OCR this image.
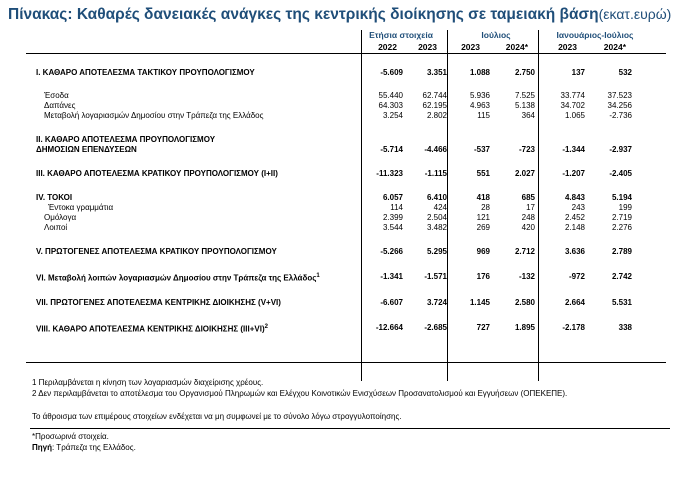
Πίνακας: Καθαρές δανειακές ανάγκες της κεντρικής διοίκησης σε ταμειακή βάση(εκατ.ευρώ)
Ετήσια στοιχεία	Ιούλιος	Ιανουάριος-Ιούλιος
2022	2023	2023	2024*	2023	2024*
I. ΚΑΘΑΡΟ ΑΠΟΤΕΛΕΣΜΑ ΤΑΚΤΙΚΟΥ ΠΡΟΥΠΟΛΟΓΙΣΜΟΥ	-5.609	3.351	1.088	2.750	137	532	

Έσοδα	55.440	62.744	5.936	7.525	33.774	37.523	
Δαπάνες	64.303	62.195	4.963	5.138	34.702	34.256	
Μεταβολή λογαριασμών Δημοσίου στην Τράπεζα της Ελλάδος	3.254	2.802	115	364	1.065	-2.736	

II. ΚΑΘΑΡΟ ΑΠΟΤΕΛΕΣΜΑ ΠΡΟΥΠΟΛΟΓΙΣΜΟΥ							
ΔΗΜΟΣΙΩΝ ΕΠΕΝΔΥΣΕΩΝ	-5.714	-4.466	-537	-723	-1.344	-2.937	

III. ΚΑΘΑΡΟ ΑΠΟΤΕΛΕΣΜΑ ΚΡΑΤΙΚΟΥ ΠΡΟΥΠΟΛΟΓΙΣΜΟΥ (I+II)	-11.323	-1.115	551	2.027	-1.207	-2.405	

IV. ΤΟΚΟΙ	6.057	6.410	418	685	4.843	5.194	
Έντοκα γραμμάτια	114	424	28	17	243	199	
Ομόλογα	2.399	2.504	121	248	2.452	2.719	
Λοιποί	3.544	3.482	269	420	2.148	2.276	

V. ΠΡΩΤΟΓΕΝΕΣ ΑΠΟΤΕΛΕΣΜΑ ΚΡΑΤΙΚΟΥ ΠΡΟΥΠΟΛΟΓΙΣΜΟΥ	-5.266	5.295	969	2.712	3.636	2.789	

VI. Μεταβολή λοιπών λογαριασμών Δημοσίου στην Τράπεζα της Ελλάδος$^1$	-1.341	-1.571	176	-132	-972	2.742	

VII. ΠΡΩΤΟΓΕΝΕΣ ΑΠΟΤΕΛΕΣΜΑ ΚΕΝΤΡΙΚΗΣ ΔΙΟΙΚΗΣΗΣ (V+VI)	-6.607	3.724	1.145	2.580	2.664	5.531	

VIII. ΚΑΘΑΡΟ ΑΠΟΤΕΛΕΣΜΑ ΚΕΝΤΡΙΚΗΣ ΔΙΟΙΚΗΣΗΣ $(III+VI)^2$	-12.664	-2.685	727	1.895	-2.178	338	
1 Περιλαμβάνεται η κίνηση των λογαριασμών διαχείρισης χρέους.
2 Δεν περιλαμβάνεται το αποτέλεσμα του Οργανισμού Πληρωμών και Ελέγχου Κοινοτικών Ενισχύσεων Προσανατολισμού και Εγγυήσεων (ΟΠΕΚΕΠΕ).
Το άθροισμα των επιμέρους στοιχείων ενδέχεται να μη συμφωνεί με το σύνολο λόγω στρογγυλοποίησης.
*Προσωρινά στοιχεία.
Πηγή: Τράπεζα της Ελλάδος.
